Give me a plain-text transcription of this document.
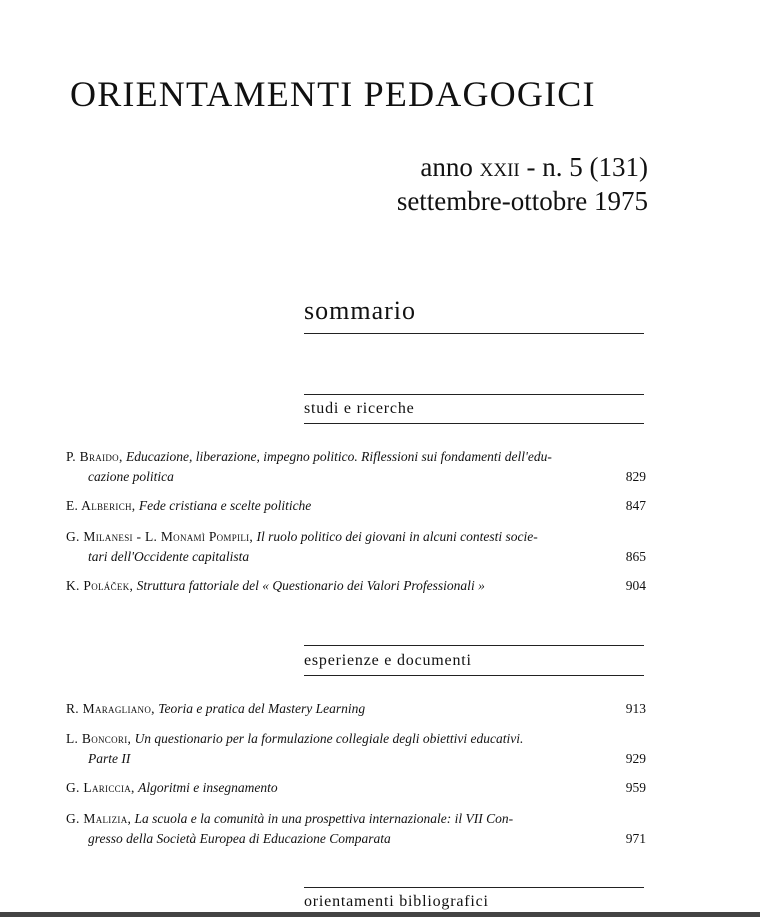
ORIENTAMENTI PEDAGOGICI
anno xxii - n. 5 (131)
settembre-ottobre 1975
sommario
studi e ricerche
P. Braido, Educazione, liberazione, impegno politico. Riflessioni sui fondamenti dell'edu-
cazione politica	829
E. Alberich, Fede cristiana e scelte politiche	847
G. Milanesi - L. Monamì Pompili, Il ruolo politico dei giovani in alcuni contesti socie-
tari dell'Occidente capitalista	865
K. Poláček, Struttura fattoriale del « Questionario dei Valori Professionali »	904
esperienze e documenti
R. Maragliano, Teoria e pratica del Mastery Learning	913
L. Boncori, Un questionario per la formulazione collegiale degli obiettivi educativi.
Parte II	929
G. Lariccia, Algoritmi e insegnamento	959
G. Malizia, La scuola e la comunità in una prospettiva internazionale: il VII Con-
gresso della Società Europea di Educazione Comparata	971
orientamenti bibliografici
